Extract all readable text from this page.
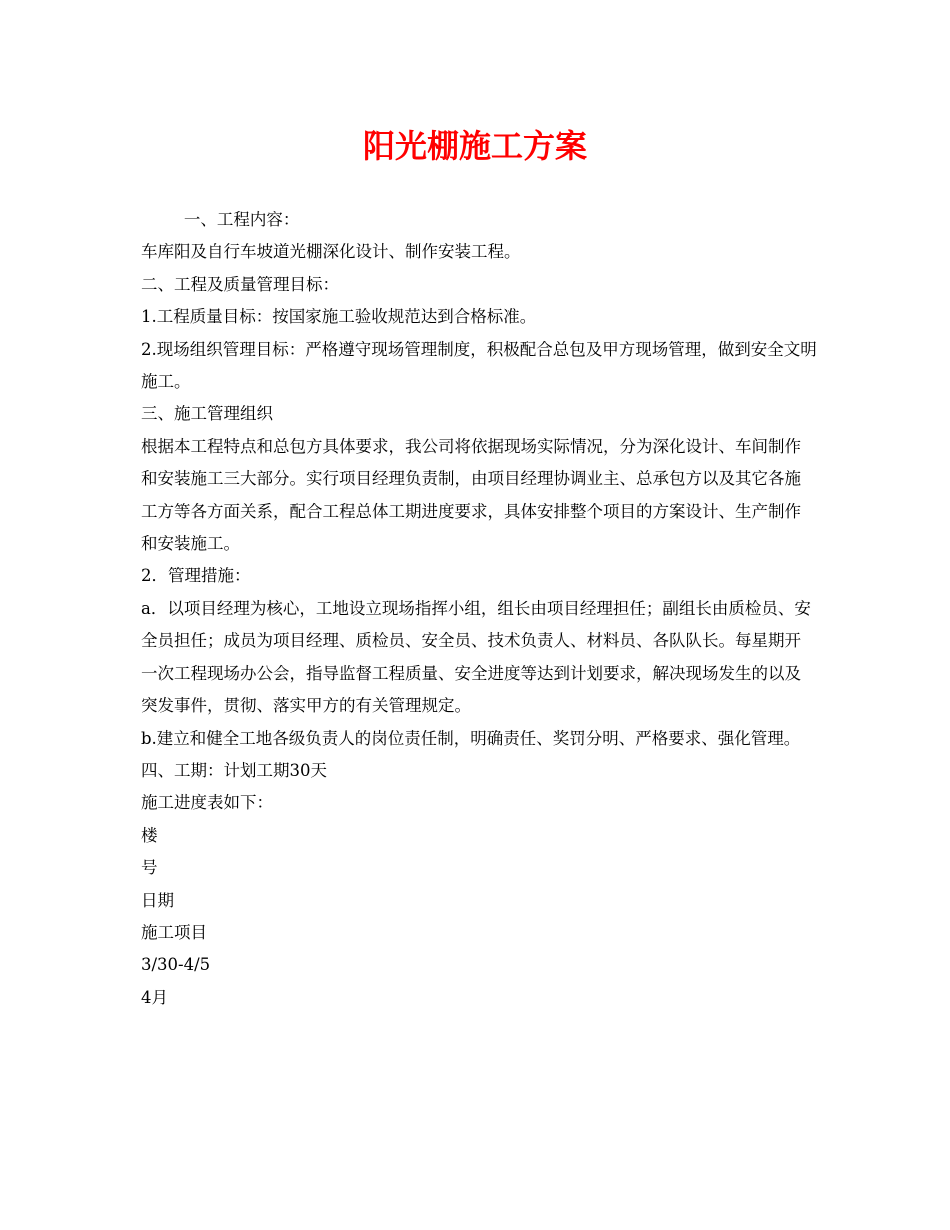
阳光棚施工方案

一、工程内容：

车库阳及自行车坡道光棚深化设计、制作安装工程。

二、工程及质量管理目标：

1.工程质量目标：按国家施工验收规范达到合格标准。

2.现场组织管理目标：严格遵守现场管理制度，积极配合总包及甲方现场管理，做到安全文明施工。

三、施工管理组织

根据本工程特点和总包方具体要求，我公司将依据现场实际情况，分为深化设计、车间制作和安装施工三大部分。实行项目经理负责制，由项目经理协调业主、总承包方以及其它各施工方等各方面关系，配合工程总体工期进度要求，具体安排整个项目的方案设计、生产制作和安装施工。

2．管理措施：

a．以项目经理为核心，工地设立现场指挥小组，组长由项目经理担任；副组长由质检员、安全员担任；成员为项目经理、质检员、安全员、技术负责人、材料员、各队队长。每星期开一次工程现场办公会，指导监督工程质量、安全进度等达到计划要求，解决现场发生的以及突发事件，贯彻、落实甲方的有关管理规定。

b.建立和健全工地各级负责人的岗位责任制，明确责任、奖罚分明、严格要求、强化管理。

四、工期：计划工期30天

施工进度表如下：

楼

号

日期

施工项目

3/30-4/5

4月
